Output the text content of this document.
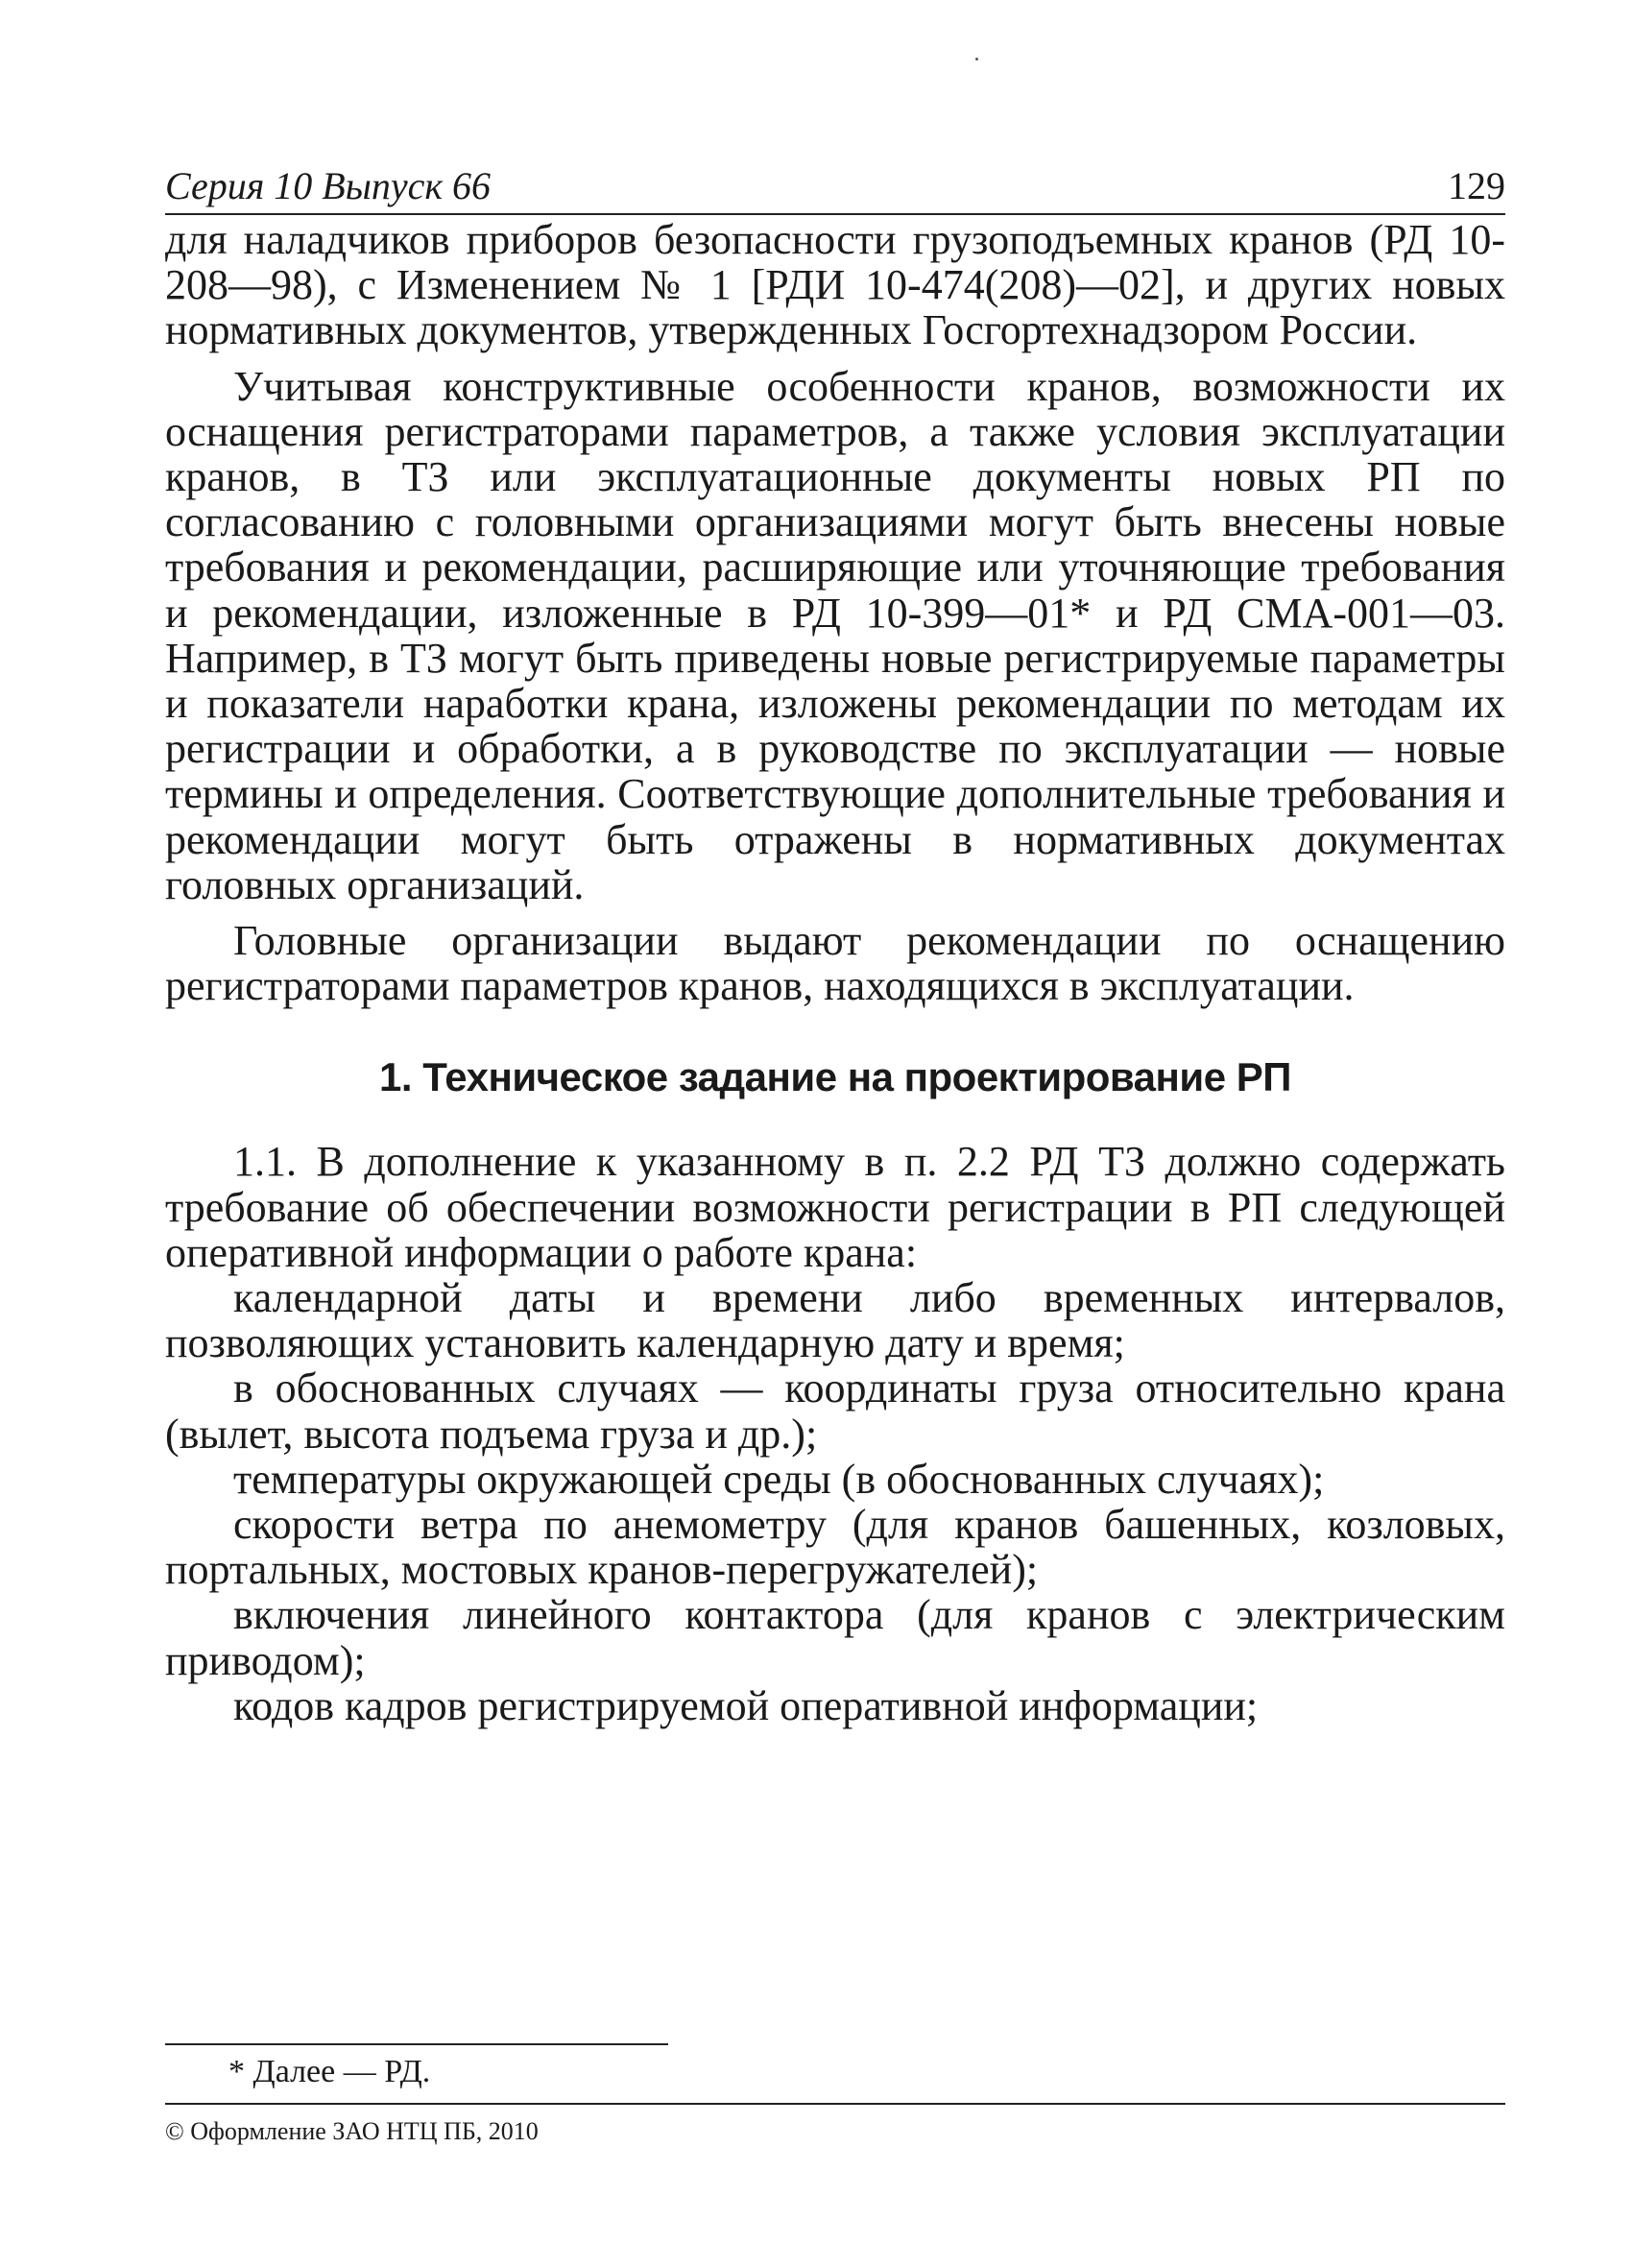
Серия 10 Выпуск 66	129

для наладчиков приборов безопасности грузоподъемных кранов (РД 10-208—98), с Изменением № 1 [РДИ 10-474(208)—02], и других новых нормативных документов, утвержденных Госгортехнадзором России.

Учитывая конструктивные особенности кранов, возможности их оснащения регистраторами параметров, а также условия эксплуатации кранов, в ТЗ или эксплуатационные документы новых РП по согласованию с головными организациями могут быть внесены новые требования и рекомендации, расширяющие или уточняющие требования и рекомендации, изложенные в РД 10-399—01* и РД СМА-001—03. Например, в ТЗ могут быть приведены новые регистрируемые параметры и показатели наработки крана, изложены рекомендации по методам их регистрации и обработки, а в руководстве по эксплуатации — новые термины и определения. Соответствующие дополнительные требования и рекомендации могут быть отражены в нормативных документах головных организаций.

Головные организации выдают рекомендации по оснащению регистраторами параметров кранов, находящихся в эксплуатации.

1. Техническое задание на проектирование РП

1.1. В дополнение к указанному в п. 2.2 РД ТЗ должно содержать требование об обеспечении возможности регистрации в РП следующей оперативной информации о работе крана:

календарной даты и времени либо временных интервалов, позволяющих установить календарную дату и время;

в обоснованных случаях — координаты груза относительно крана (вылет, высота подъема груза и др.);

температуры окружающей среды (в обоснованных случаях);

скорости ветра по анемометру (для кранов башенных, козловых, портальных, мостовых кранов-перегружателей);

включения линейного контактора (для кранов с электрическим приводом);

кодов кадров регистрируемой оперативной информации;

* Далее — РД.
© Оформление ЗАО НТЦ ПБ, 2010
